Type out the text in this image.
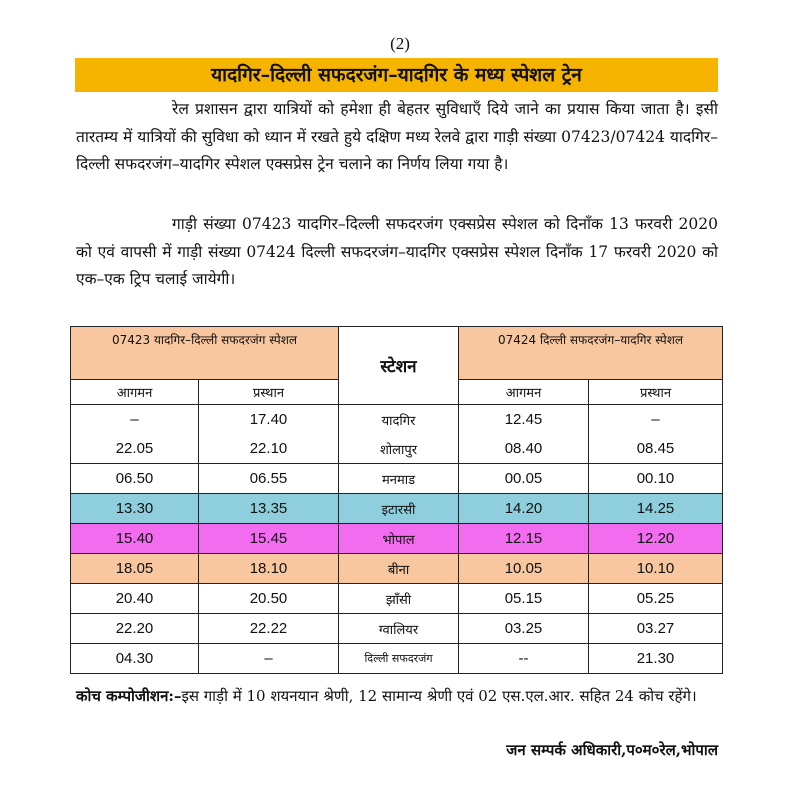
(2)
यादगिर–दिल्ली सफदरजंग–यादगिर के मध्य स्पेशल ट्रेन

रेल प्रशासन द्वारा यात्रियों को हमेशा ही बेहतर सुविधाएँ दिये जाने का प्रयास किया जाता है। इसी तारतम्य में यात्रियों की सुविधा को ध्यान में रखते हुये दक्षिण मध्य रेलवे द्वारा गाड़ी संख्या 07423/07424 यादगिर–दिल्ली सफदरजंग–यादगिर स्पेशल एक्सप्रेस ट्रेन चलाने का निर्णय लिया गया है।

गाड़ी संख्या 07423 यादगिर–दिल्ली सफदरजंग एक्सप्रेस स्पेशल को दिनाँक 13 फरवरी 2020 को एवं वापसी में गाड़ी संख्या 07424 दिल्ली सफदरजंग–यादगिर एक्सप्रेस स्पेशल दिनाँक 17 फरवरी 2020 को एक–एक ट्रिप चलाई जायेगी।

07423 यादगिर–दिल्ली सफदरजंग स्पेशल		स्टेशन	07424 दिल्ली सफदरजंग–यादगिर स्पेशल	
आगमन	प्रस्थान		आगमन	प्रस्थान
–	17.40	यादगिर	12.45	–
22.05	22.10	शोलापुर	08.40	08.45
06.50	06.55	मनमाड	00.05	00.10
13.30	13.35	इटारसी	14.20	14.25
15.40	15.45	भोपाल	12.15	12.20
18.05	18.10	बीना	10.05	10.10
20.40	20.50	झाँसी	05.15	05.25
22.20	22.22	ग्वालियर	03.25	03.27
04.30	–	दिल्ली सफदरजंग	--	21.30

कोच कम्पोजीशन:–इस गाड़ी में 10 शयनयान श्रेणी, 12 सामान्य श्रेणी एवं 02 एस.एल.आर. सहित 24 कोच रहेंगे।

जन सम्पर्क अधिकारी,प०म०रेल,भोपाल
